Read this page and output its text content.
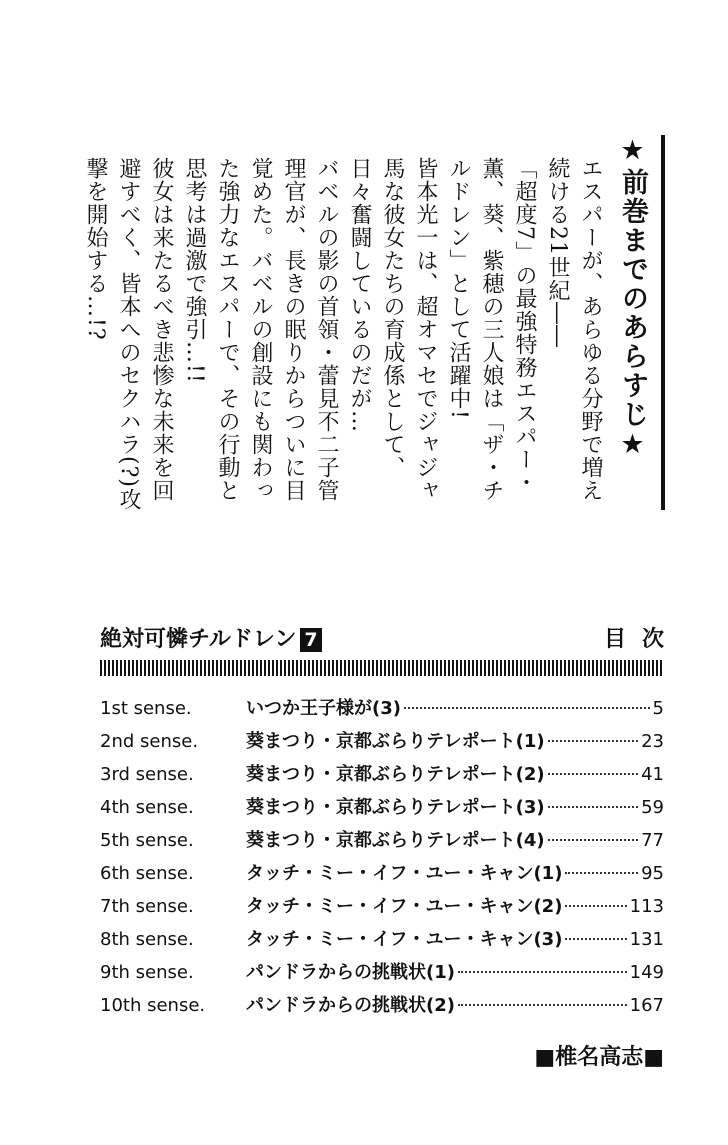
★前巻までのあらすじ★

エスパーが、あらゆる分野で増え続ける21世紀――

「超度7」の最強特務エスパー・薫、葵、紫穂の三人娘は「ザ・チルドレン」として活躍中!

皆本光一は、超オマセでジャジャ馬な彼女たちの育成係として、日々奮闘しているのだが…

バベルの影の首領・蕾見不二子管理官が、長きの眠りからついに目覚めた。バベルの創設にも関わった強力なエスパーで、その行動と思考は過激で強引…!!

彼女は来たるべき悲惨な未来を回避すべく、皆本へのセクハラ(?)攻撃を開始する…!?

絶対可憐チルドレン 7	目次
1st sense.	いつか王子様が(3)	5
2nd sense.	葵まつり・京都ぶらりテレポート(1)	23
3rd sense.	葵まつり・京都ぶらりテレポート(2)	41
4th sense.	葵まつり・京都ぶらりテレポート(3)	59
5th sense.	葵まつり・京都ぶらりテレポート(4)	77
6th sense.	タッチ・ミー・イフ・ユー・キャン(1)	95
7th sense.	タッチ・ミー・イフ・ユー・キャン(2)	113
8th sense.	タッチ・ミー・イフ・ユー・キャン(3)	131
9th sense.	パンドラからの挑戦状(1)	149
10th sense.	パンドラからの挑戦状(2)	167
■椎名高志■
